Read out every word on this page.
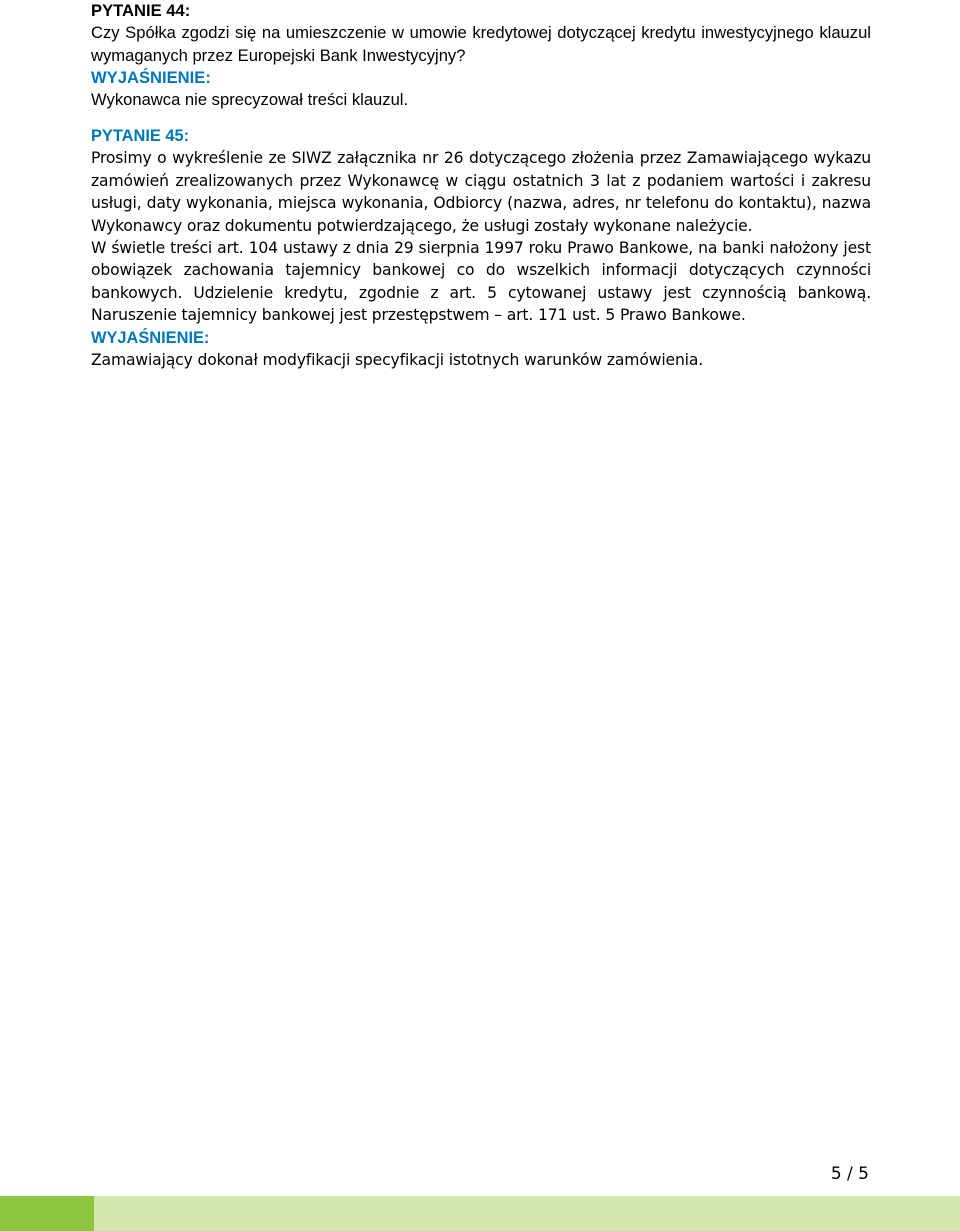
PYTANIE 44:

Czy Spółka zgodzi się na umieszczenie w umowie kredytowej dotyczącej kredytu inwestycyjnego klauzul wymaganych przez Europejski Bank Inwestycyjny?

WYJAŚNIENIE:

Wykonawca nie sprecyzował treści klauzul.

PYTANIE 45:

Prosimy o wykreślenie ze SIWZ załącznika nr 26 dotyczącego złożenia przez Zamawiającego wykazu zamówień zrealizowanych przez Wykonawcę w ciągu ostatnich 3 lat z podaniem wartości i zakresu usługi, daty wykonania, miejsca wykonania, Odbiorcy (nazwa, adres, nr telefonu do kontaktu), nazwa Wykonawcy oraz dokumentu potwierdzającego, że usługi zostały wykonane należycie.

W świetle treści art. 104 ustawy z dnia 29 sierpnia 1997 roku Prawo Bankowe, na banki nałożony jest obowiązek zachowania tajemnicy bankowej co do wszelkich informacji dotyczących czynności bankowych. Udzielenie kredytu, zgodnie z art. 5 cytowanej ustawy jest czynnością bankową. Naruszenie tajemnicy bankowej jest przestępstwem – art. 171 ust. 5 Prawo Bankowe.

WYJAŚNIENIE:

Zamawiający dokonał modyfikacji specyfikacji istotnych warunków zamówienia.

5 / 5
